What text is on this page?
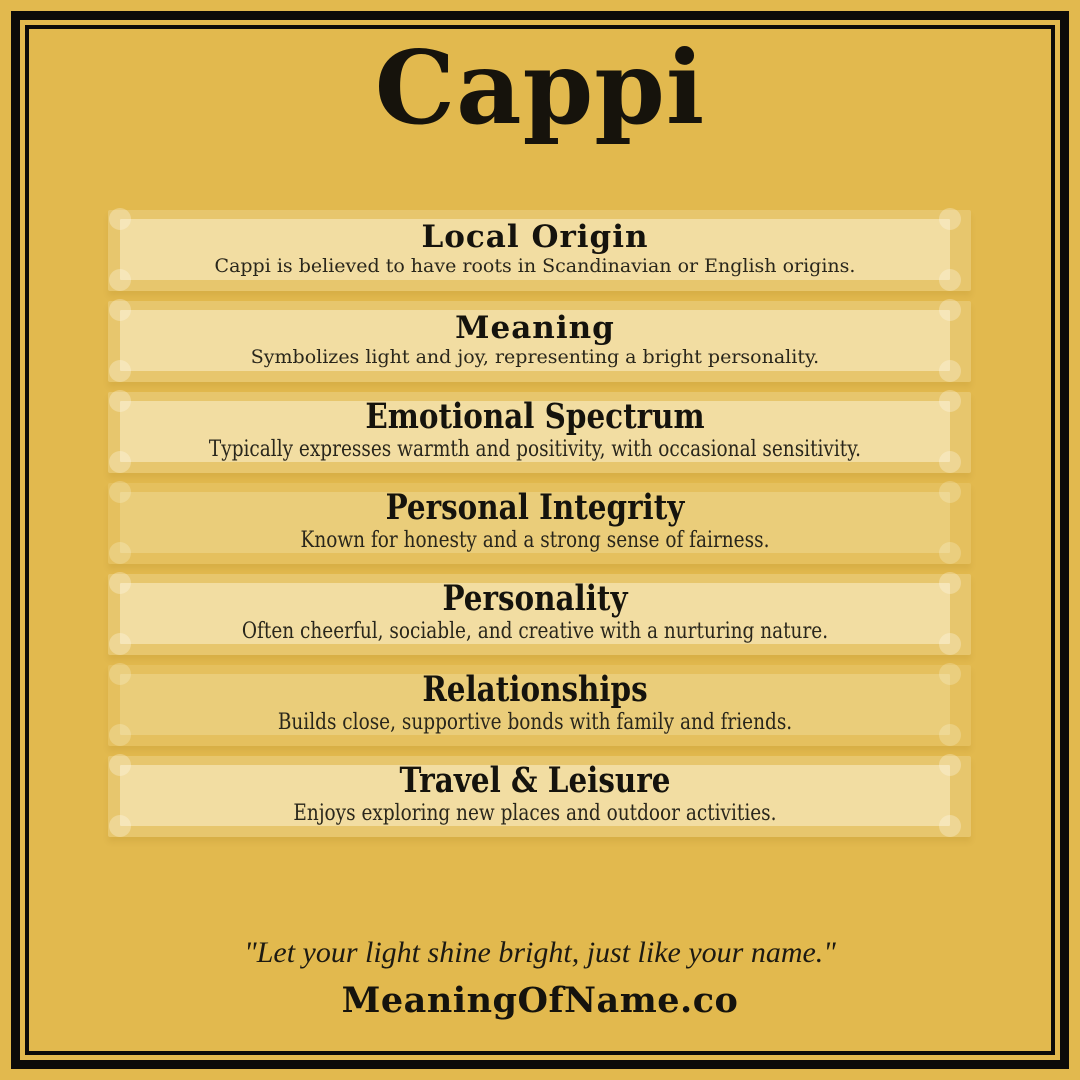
Cappi
Local Origin

Cappi is believed to have roots in Scandinavian or English origins.

Meaning

Symbolizes light and joy, representing a bright personality.

Emotional Spectrum

Typically expresses warmth and positivity, with occasional sensitivity.

Personal Integrity

Known for honesty and a strong sense of fairness.

Personality

Often cheerful, sociable, and creative with a nurturing nature.

Relationships

Builds close, supportive bonds with family and friends.

Travel & Leisure

Enjoys exploring new places and outdoor activities.

"Let your light shine bright, just like your name."
MeaningOfName.co
